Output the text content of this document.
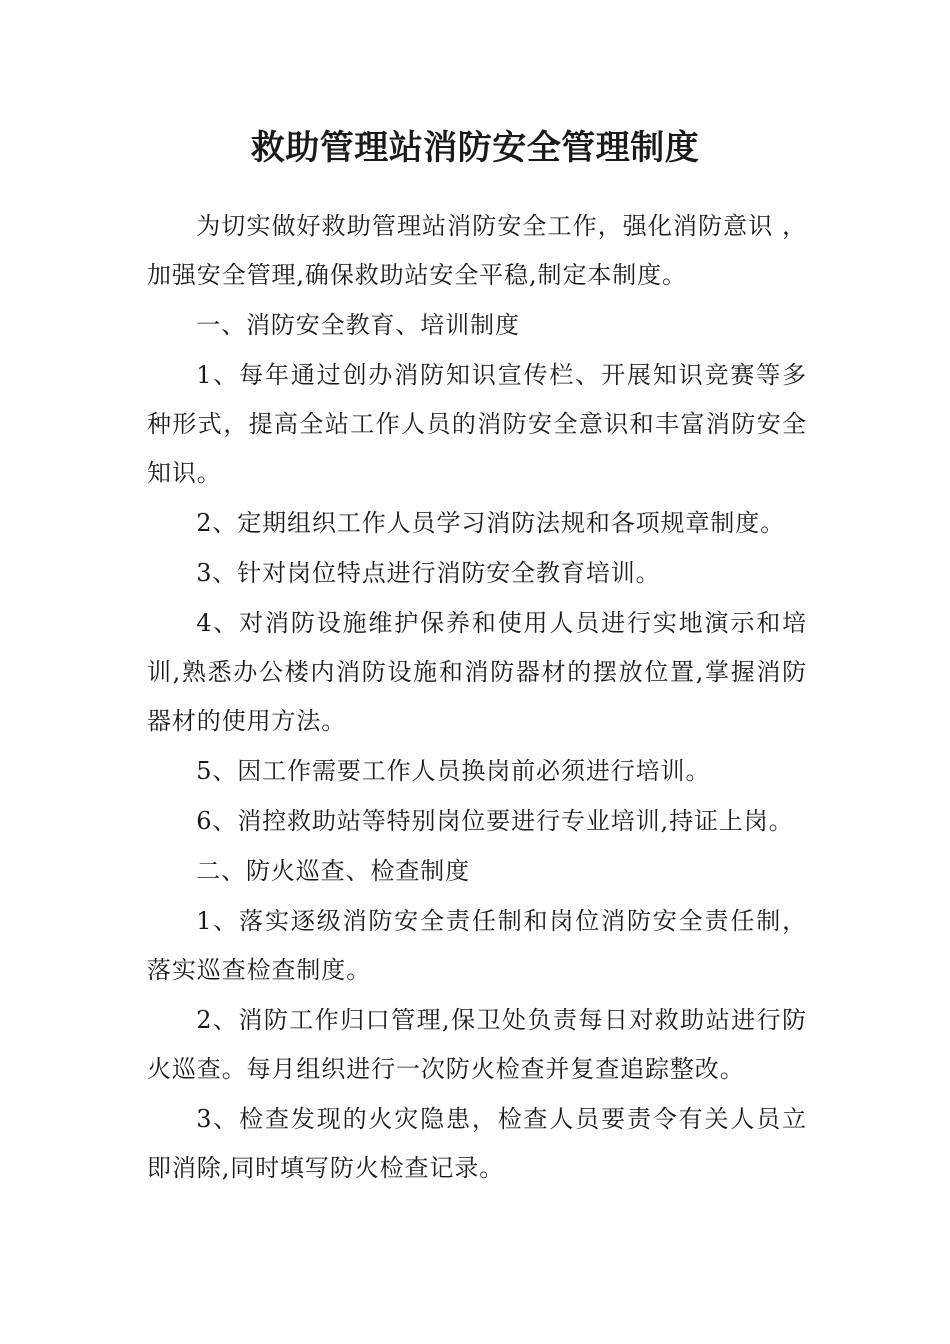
救助管理站消防安全管理制度

为切实做好救助管理站消防安全工作，强化消防意识 ，加强安全管理,确保救助站安全平稳,制定本制度。

一、消防安全教育、培训制度

1、每年通过创办消防知识宣传栏、开展知识竞赛等多种形式，提高全站工作人员的消防安全意识和丰富消防安全知识。

2、定期组织工作人员学习消防法规和各项规章制度。

3、针对岗位特点进行消防安全教育培训。

4、对消防设施维护保养和使用人员进行实地演示和培训,熟悉办公楼内消防设施和消防器材的摆放位置,掌握消防器材的使用方法。

5、因工作需要工作人员换岗前必须进行培训。

6、消控救助站等特别岗位要进行专业培训,持证上岗。

二、防火巡查、检查制度

1、落实逐级消防安全责任制和岗位消防安全责任制，落实巡查检查制度。

2、消防工作归口管理,保卫处负责每日对救助站进行防火巡查。每月组织进行一次防火检查并复查追踪整改。

3、检查发现的火灾隐患，检查人员要责令有关人员立即消除,同时填写防火检查记录。
